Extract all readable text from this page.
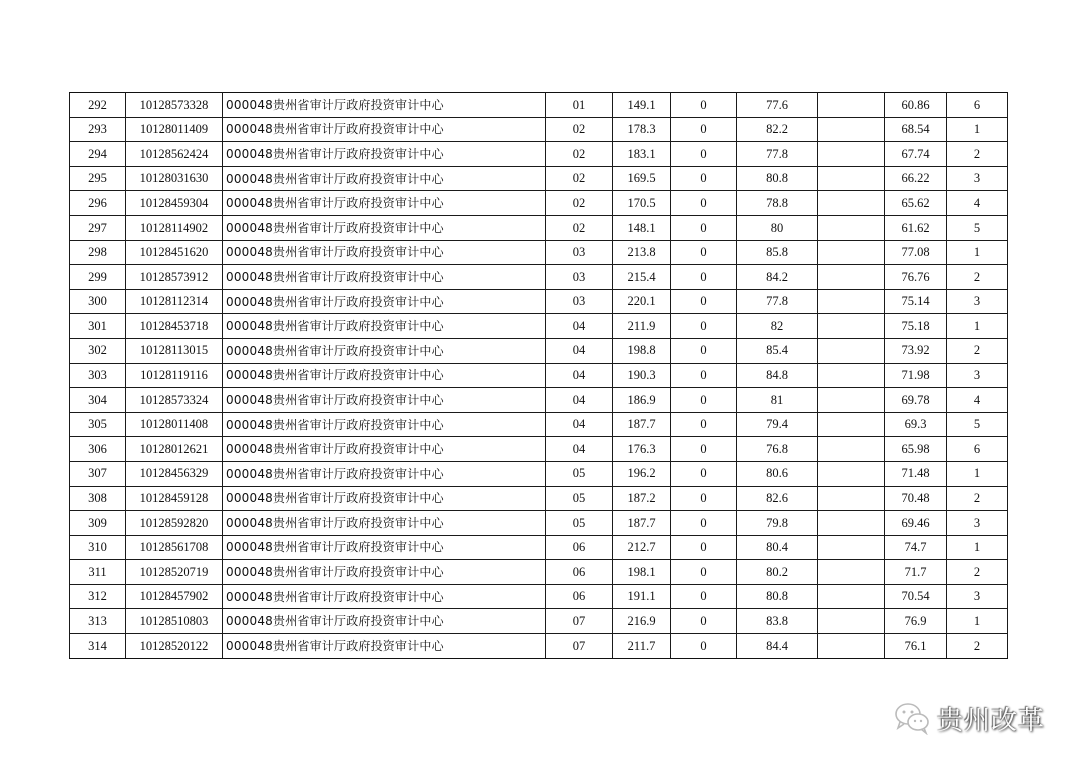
292	10128573328	000048贵州省审计厅政府投资审计中心	01	149.1	0	77.6		60.86	6
293	10128011409	000048贵州省审计厅政府投资审计中心	02	178.3	0	82.2		68.54	1
294	10128562424	000048贵州省审计厅政府投资审计中心	02	183.1	0	77.8		67.74	2
295	10128031630	000048贵州省审计厅政府投资审计中心	02	169.5	0	80.8		66.22	3
296	10128459304	000048贵州省审计厅政府投资审计中心	02	170.5	0	78.8		65.62	4
297	10128114902	000048贵州省审计厅政府投资审计中心	02	148.1	0	80		61.62	5
298	10128451620	000048贵州省审计厅政府投资审计中心	03	213.8	0	85.8		77.08	1
299	10128573912	000048贵州省审计厅政府投资审计中心	03	215.4	0	84.2		76.76	2
300	10128112314	000048贵州省审计厅政府投资审计中心	03	220.1	0	77.8		75.14	3
301	10128453718	000048贵州省审计厅政府投资审计中心	04	211.9	0	82		75.18	1
302	10128113015	000048贵州省审计厅政府投资审计中心	04	198.8	0	85.4		73.92	2
303	10128119116	000048贵州省审计厅政府投资审计中心	04	190.3	0	84.8		71.98	3
304	10128573324	000048贵州省审计厅政府投资审计中心	04	186.9	0	81		69.78	4
305	10128011408	000048贵州省审计厅政府投资审计中心	04	187.7	0	79.4		69.3	5
306	10128012621	000048贵州省审计厅政府投资审计中心	04	176.3	0	76.8		65.98	6
307	10128456329	000048贵州省审计厅政府投资审计中心	05	196.2	0	80.6		71.48	1
308	10128459128	000048贵州省审计厅政府投资审计中心	05	187.2	0	82.6		70.48	2
309	10128592820	000048贵州省审计厅政府投资审计中心	05	187.7	0	79.8		69.46	3
310	10128561708	000048贵州省审计厅政府投资审计中心	06	212.7	0	80.4		74.7	1
311	10128520719	000048贵州省审计厅政府投资审计中心	06	198.1	0	80.2		71.7	2
312	10128457902	000048贵州省审计厅政府投资审计中心	06	191.1	0	80.8		70.54	3
313	10128510803	000048贵州省审计厅政府投资审计中心	07	216.9	0	83.8		76.9	1
314	10128520122	000048贵州省审计厅政府投资审计中心	07	211.7	0	84.4		76.1	2
贵州改革
